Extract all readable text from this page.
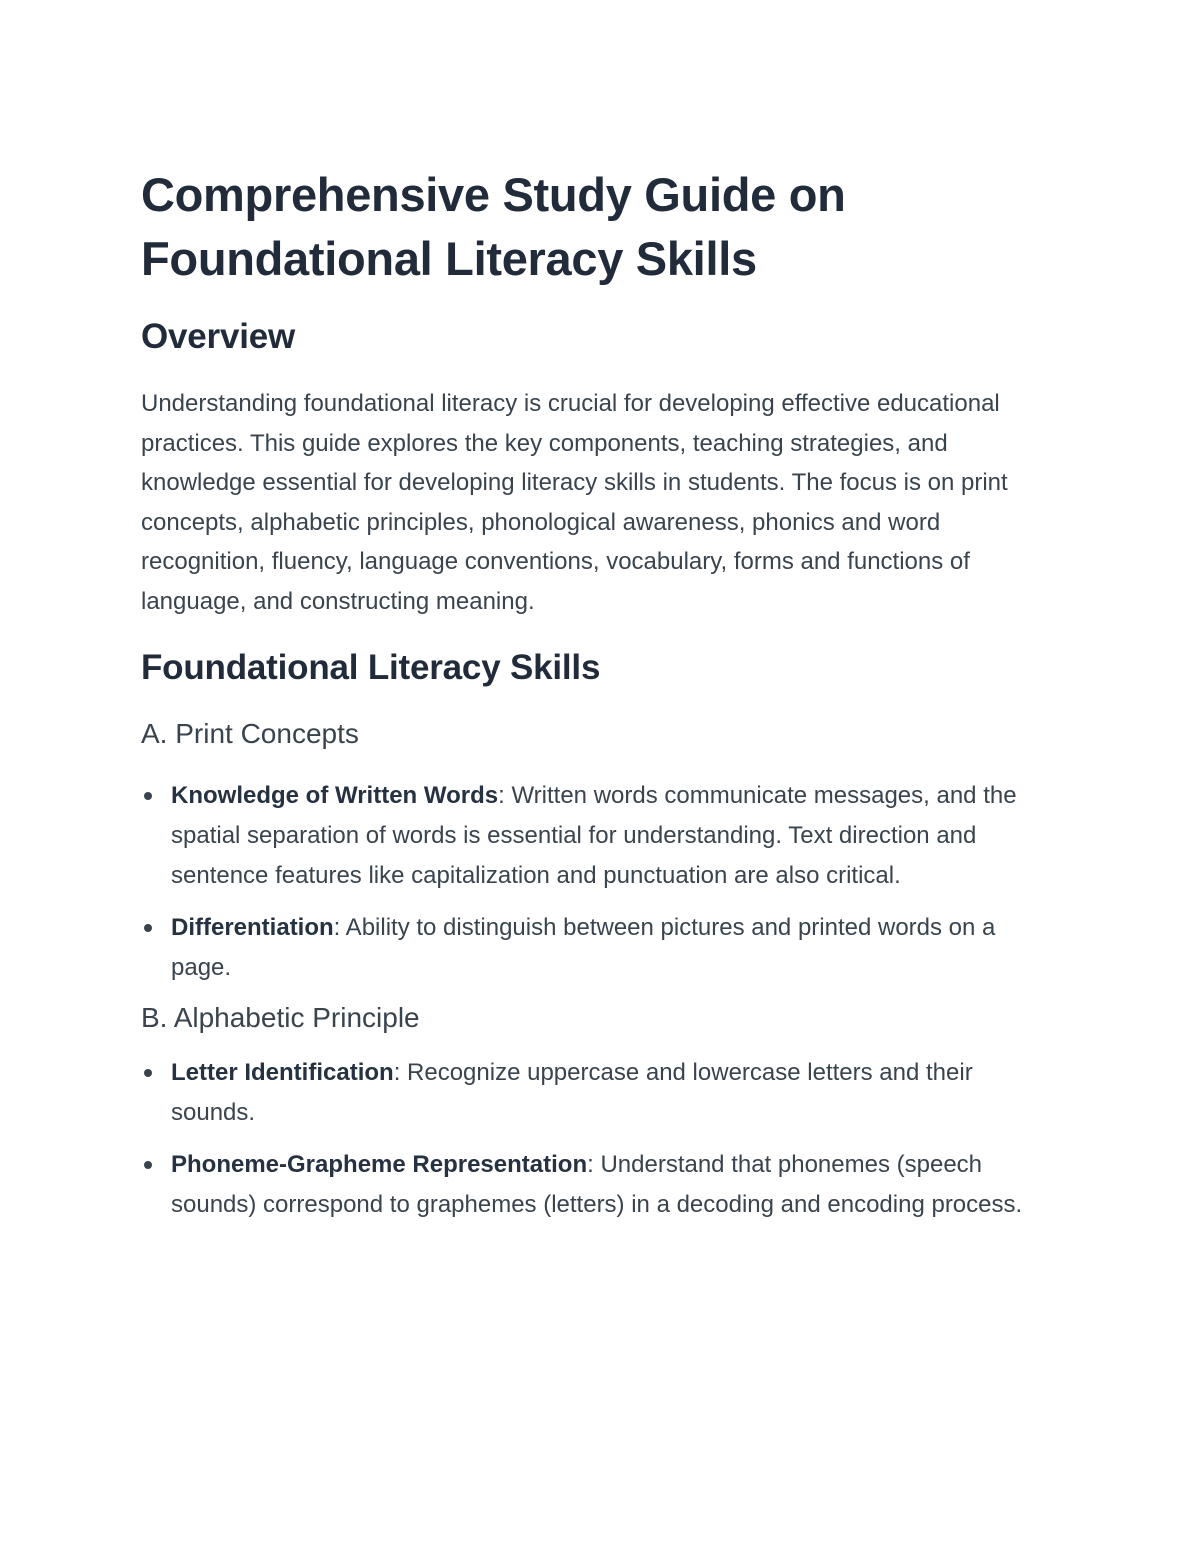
Comprehensive Study Guide on Foundational Literacy Skills
Overview

Understanding foundational literacy is crucial for developing effective educational practices. This guide explores the key components, teaching strategies, and knowledge essential for developing literacy skills in students. The focus is on print concepts, alphabetic principles, phonological awareness, phonics and word recognition, fluency, language conventions, vocabulary, forms and functions of language, and constructing meaning.

Foundational Literacy Skills
A. Print Concepts
Knowledge of Written Words: Written words communicate messages, and the spatial separation of words is essential for understanding. Text direction and sentence features like capitalization and punctuation are also critical.
Differentiation: Ability to distinguish between pictures and printed words on a page.
B. Alphabetic Principle
Letter Identification: Recognize uppercase and lowercase letters and their sounds.
Phoneme-Grapheme Representation: Understand that phonemes (speech sounds) correspond to graphemes (letters) in a decoding and encoding process.
